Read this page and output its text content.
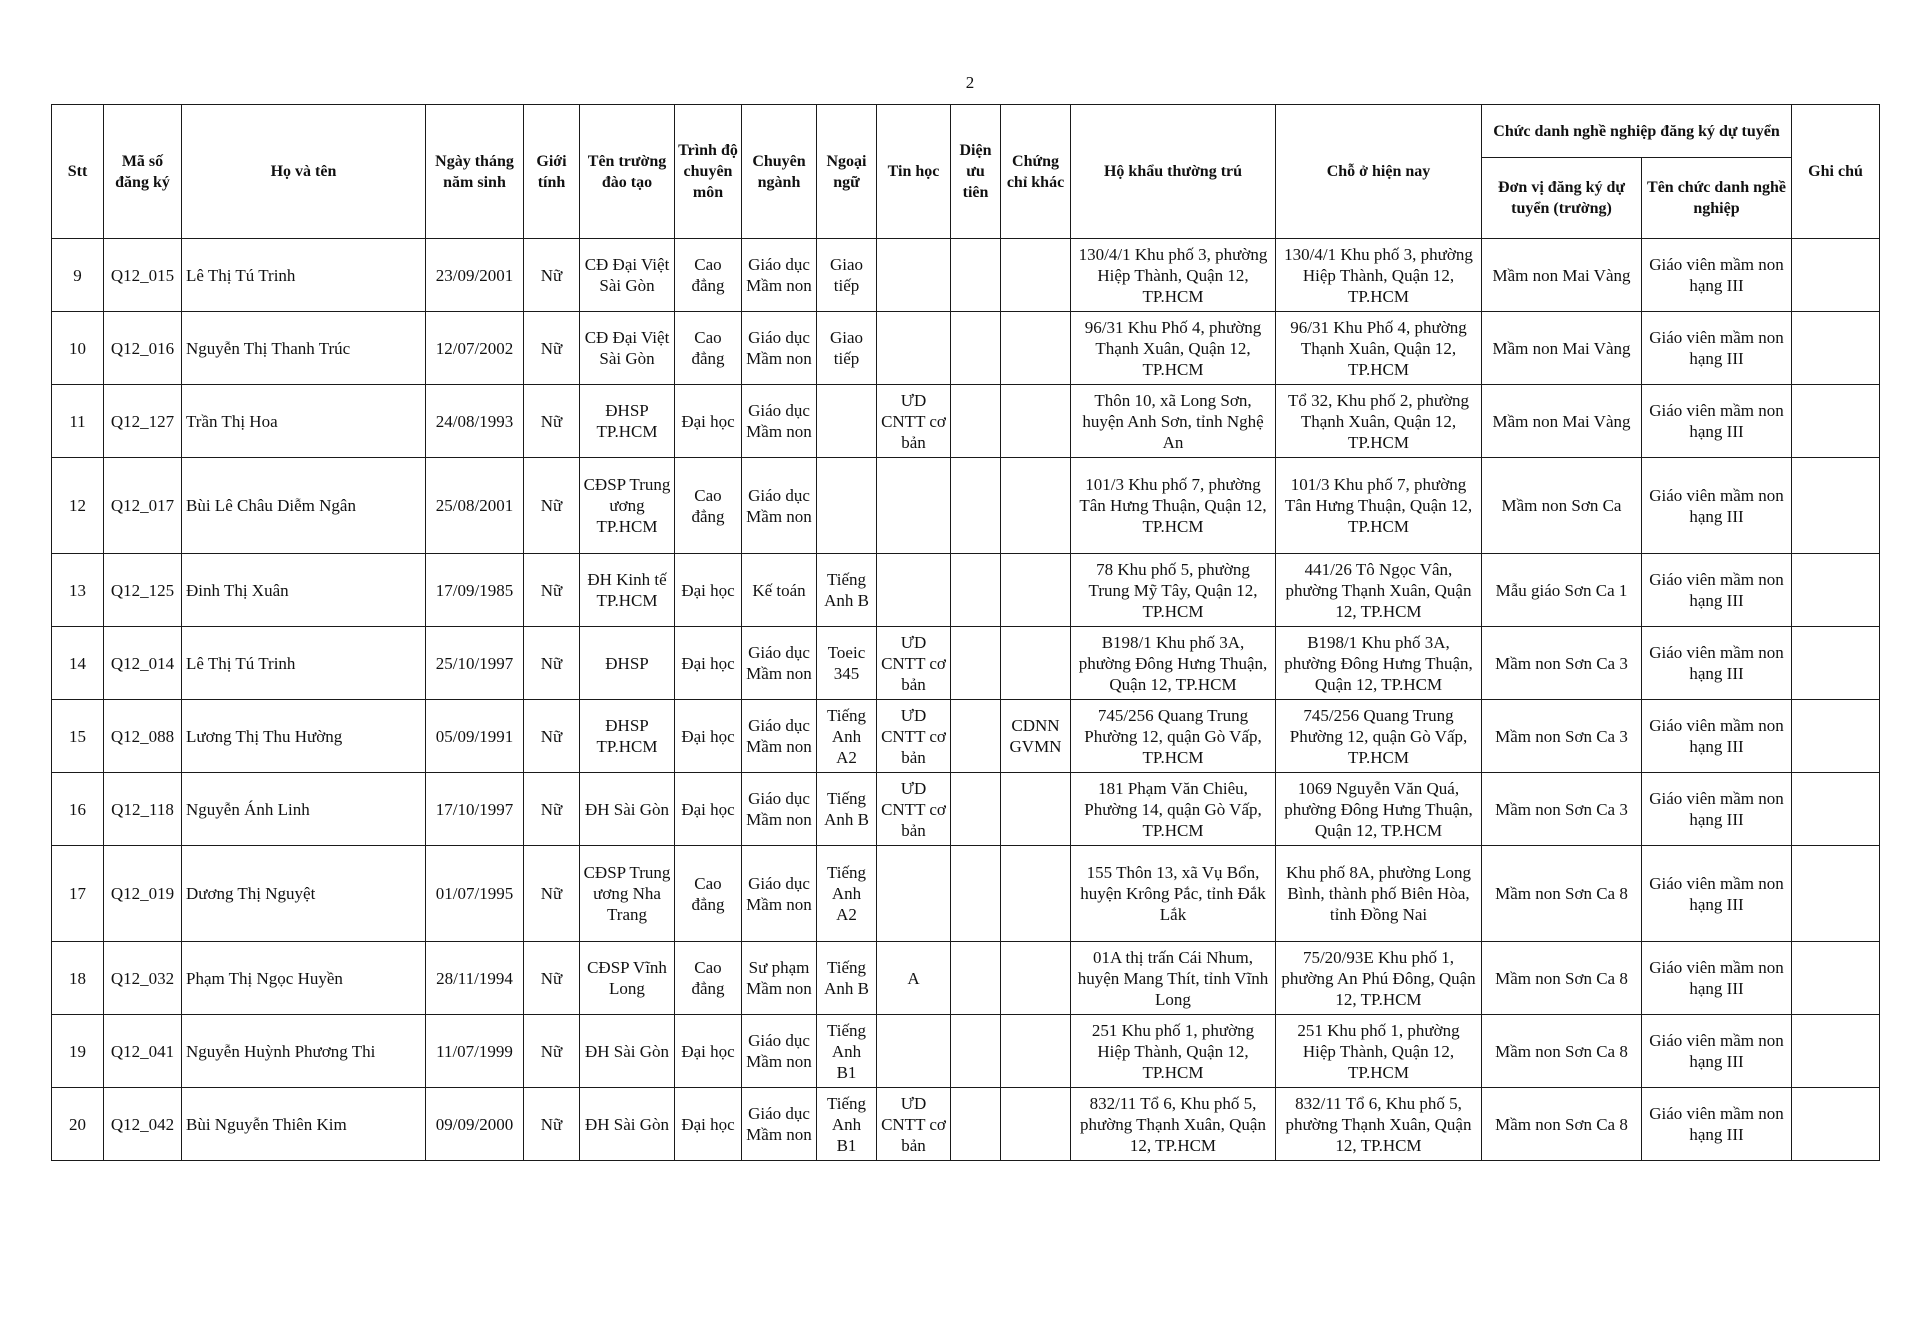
2
Stt	Mã số đăng ký	Họ và tên	Ngày tháng năm sinh	Giới tính	Tên trường đào tạo	Trình độ chuyên môn	Chuyên ngành	Ngoại ngữ	Tin học	Diện ưu tiên	Chứng chỉ khác	Hộ khẩu thường trú	Chỗ ở hiện nay	Chức danh nghề nghiệp đăng ký dự tuyển		Ghi chú
														Đơn vị đăng ký dự tuyển (trường)	Tên chức danh nghề nghiệp	
9	Q12_015	Lê Thị Tú Trinh	23/09/2001	Nữ	CĐ Đại Việt Sài Gòn	Cao đẳng	Giáo dục Mầm non	Giao tiếp				130/4/1 Khu phố 3, phường Hiệp Thành, Quận 12, TP.HCM	130/4/1 Khu phố 3, phường Hiệp Thành, Quận 12, TP.HCM	Mầm non Mai Vàng	Giáo viên mầm non hạng III	
10	Q12_016	Nguyễn Thị Thanh Trúc	12/07/2002	Nữ	CĐ Đại Việt Sài Gòn	Cao đẳng	Giáo dục Mầm non	Giao tiếp				96/31 Khu Phố 4, phường Thạnh Xuân, Quận 12, TP.HCM	96/31 Khu Phố 4, phường Thạnh Xuân, Quận 12, TP.HCM	Mầm non Mai Vàng	Giáo viên mầm non hạng III	
11	Q12_127	Trần Thị Hoa	24/08/1993	Nữ	ĐHSP TP.HCM	Đại học	Giáo dục Mầm non		ƯD CNTT cơ bản			Thôn 10, xã Long Sơn, huyện Anh Sơn, tỉnh Nghệ An	Tổ 32, Khu phố 2, phường Thạnh Xuân, Quận 12, TP.HCM	Mầm non Mai Vàng	Giáo viên mầm non hạng III	
12	Q12_017	Bùi Lê Châu Diễm Ngân	25/08/2001	Nữ	CĐSP Trung ương TP.HCM	Cao đẳng	Giáo dục Mầm non					101/3 Khu phố 7, phường Tân Hưng Thuận, Quận 12, TP.HCM	101/3 Khu phố 7, phường Tân Hưng Thuận, Quận 12, TP.HCM	Mầm non Sơn Ca	Giáo viên mầm non hạng III	
13	Q12_125	Đinh Thị Xuân	17/09/1985	Nữ	ĐH Kinh tế TP.HCM	Đại học	Kế toán	Tiếng Anh B				78 Khu phố 5, phường Trung Mỹ Tây, Quận 12, TP.HCM	441/26 Tô Ngọc Vân, phường Thạnh Xuân, Quận 12, TP.HCM	Mẫu giáo Sơn Ca 1	Giáo viên mầm non hạng III	
14	Q12_014	Lê Thị Tú Trinh	25/10/1997	Nữ	ĐHSP	Đại học	Giáo dục Mầm non	Toeic 345	ƯD CNTT cơ bản			B198/1 Khu phố 3A, phường Đông Hưng Thuận, Quận 12, TP.HCM	B198/1 Khu phố 3A, phường Đông Hưng Thuận, Quận 12, TP.HCM	Mầm non Sơn Ca 3	Giáo viên mầm non hạng III	
15	Q12_088	Lương Thị Thu Hường	05/09/1991	Nữ	ĐHSP TP.HCM	Đại học	Giáo dục Mầm non	Tiếng Anh A2	ƯD CNTT cơ bản		CDNN GVMN	745/256 Quang Trung Phường 12, quận Gò Vấp, TP.HCM	745/256 Quang Trung Phường 12, quận Gò Vấp, TP.HCM	Mầm non Sơn Ca 3	Giáo viên mầm non hạng III	
16	Q12_118	Nguyễn Ánh Linh	17/10/1997	Nữ	ĐH Sài Gòn	Đại học	Giáo dục Mầm non	Tiếng Anh B	ƯD CNTT cơ bản			181 Phạm Văn Chiêu, Phường 14, quận Gò Vấp, TP.HCM	1069 Nguyễn Văn Quá, phường Đông Hưng Thuận, Quận 12, TP.HCM	Mầm non Sơn Ca 3	Giáo viên mầm non hạng III	
17	Q12_019	Dương Thị Nguyệt	01/07/1995	Nữ	CĐSP Trung ương Nha Trang	Cao đẳng	Giáo dục Mầm non	Tiếng Anh A2				155 Thôn 13, xã Vụ Bổn, huyện Krông Pắc, tỉnh Đắk Lắk	Khu phố 8A, phường Long Bình, thành phố Biên Hòa, tỉnh Đồng Nai	Mầm non Sơn Ca 8	Giáo viên mầm non hạng III	
18	Q12_032	Phạm Thị Ngọc Huyền	28/11/1994	Nữ	CĐSP Vĩnh Long	Cao đẳng	Sư phạm Mầm non	Tiếng Anh B	A			01A thị trấn Cái Nhum, huyện Mang Thít, tỉnh Vĩnh Long	75/20/93E Khu phố 1, phường An Phú Đông, Quận 12, TP.HCM	Mầm non Sơn Ca 8	Giáo viên mầm non hạng III	
19	Q12_041	Nguyễn Huỳnh Phương Thi	11/07/1999	Nữ	ĐH Sài Gòn	Đại học	Giáo dục Mầm non	Tiếng Anh B1				251 Khu phố 1, phường Hiệp Thành, Quận 12, TP.HCM	251 Khu phố 1, phường Hiệp Thành, Quận 12, TP.HCM	Mầm non Sơn Ca 8	Giáo viên mầm non hạng III	
20	Q12_042	Bùi Nguyễn Thiên Kim	09/09/2000	Nữ	ĐH Sài Gòn	Đại học	Giáo dục Mầm non	Tiếng Anh B1	ƯD CNTT cơ bản			832/11 Tổ 6, Khu phố 5, phường Thạnh Xuân, Quận 12, TP.HCM	832/11 Tổ 6, Khu phố 5, phường Thạnh Xuân, Quận 12, TP.HCM	Mầm non Sơn Ca 8	Giáo viên mầm non hạng III	
